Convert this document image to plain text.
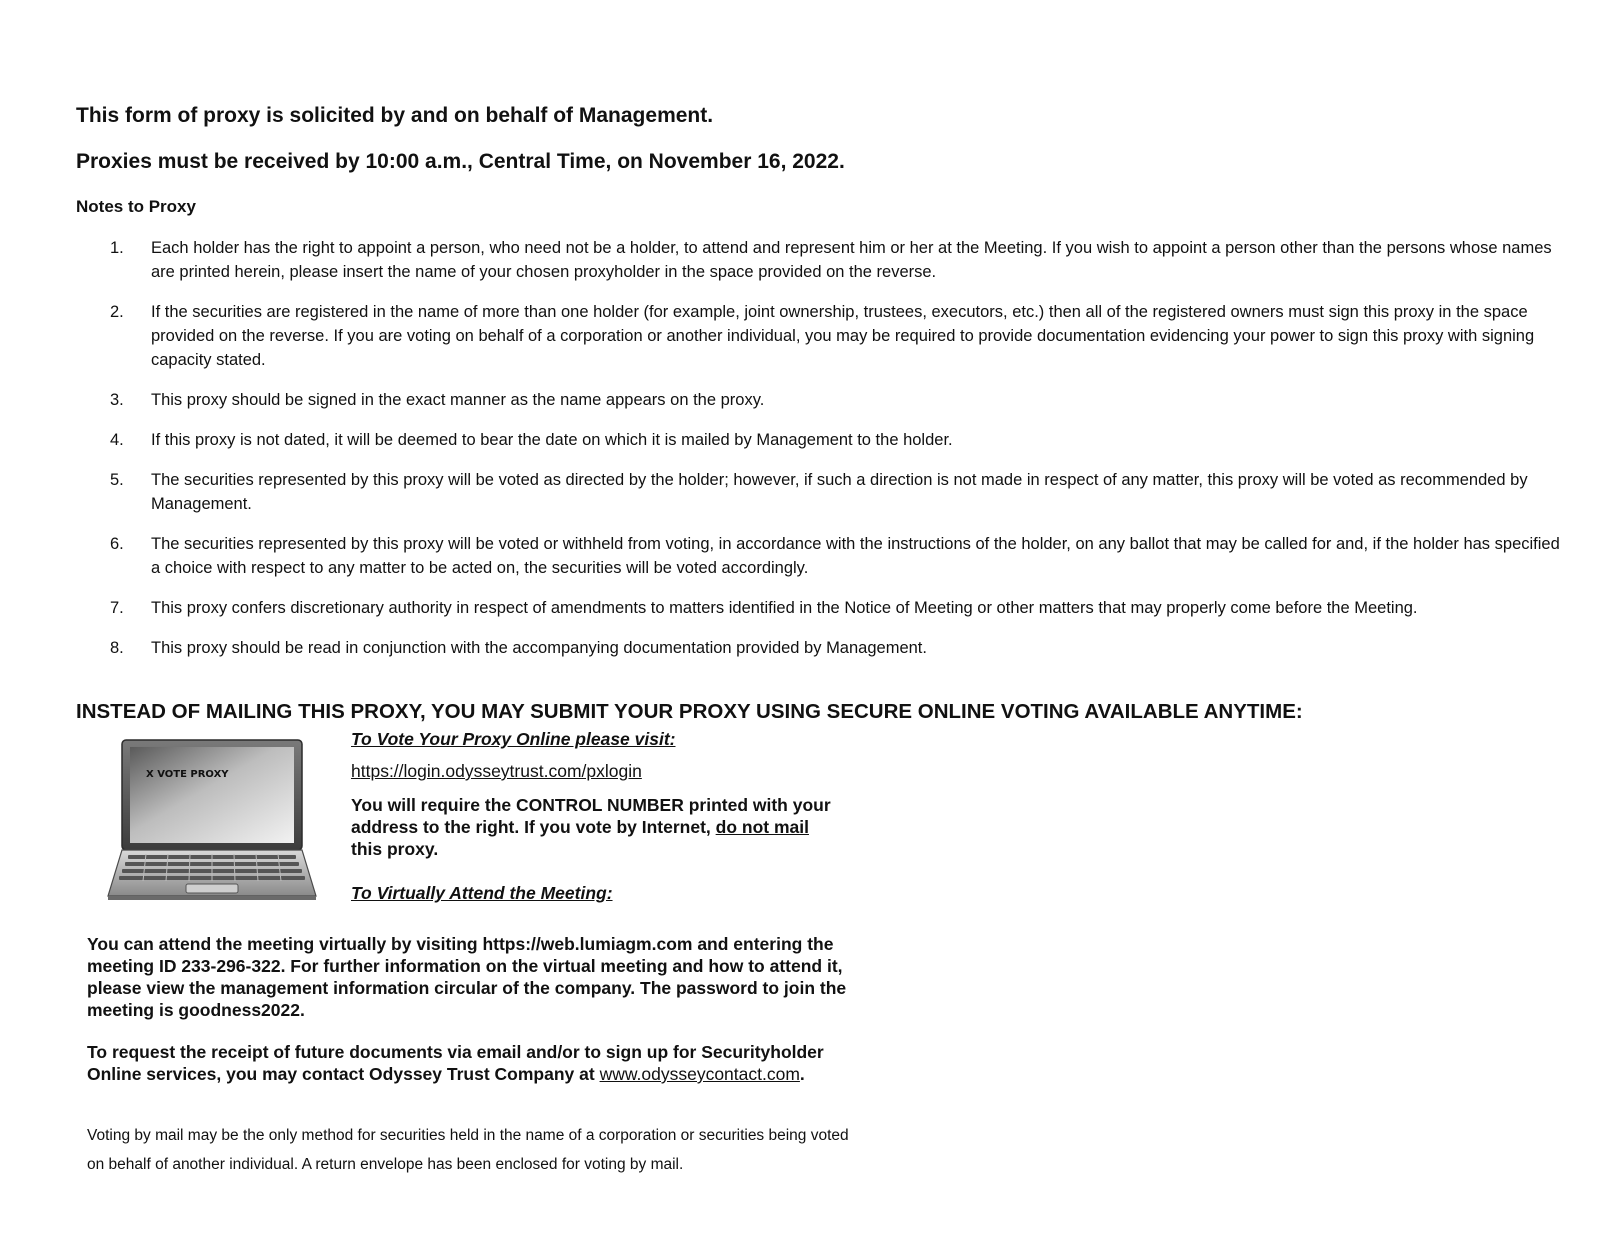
This form of proxy is solicited by and on behalf of Management.

Proxies must be received by 10:00 a.m., Central Time, on November 16, 2022.

Notes to Proxy

1.	Each holder has the right to appoint a person, who need not be a holder, to attend and represent him or her at the Meeting. If you wish to appoint a person other than the persons whose names are printed herein, please insert the name of your chosen proxyholder in the space provided on the reverse.
2.	If the securities are registered in the name of more than one holder (for example, joint ownership, trustees, executors, etc.) then all of the registered owners must sign this proxy in the space provided on the reverse. If you are voting on behalf of a corporation or another individual, you may be required to provide documentation evidencing your power to sign this proxy with signing capacity stated.
3.	This proxy should be signed in the exact manner as the name appears on the proxy.
4.	If this proxy is not dated, it will be deemed to bear the date on which it is mailed by Management to the holder.
5.	The securities represented by this proxy will be voted as directed by the holder; however, if such a direction is not made in respect of any matter, this proxy will be voted as recommended by Management.
6.	The securities represented by this proxy will be voted or withheld from voting, in accordance with the instructions of the holder, on any ballot that may be called for and, if the holder has specified a choice with respect to any matter to be acted on, the securities will be voted accordingly.
7.	This proxy confers discretionary authority in respect of amendments to matters identified in the Notice of Meeting or other matters that may properly come before the Meeting.
8.	This proxy should be read in conjunction with the accompanying documentation provided by Management.

INSTEAD OF MAILING THIS PROXY, YOU MAY SUBMIT YOUR PROXY USING SECURE ONLINE VOTING AVAILABLE ANYTIME:

X VOTE PROXY

To Vote Your Proxy Online please visit:

https://login.odysseytrust.com/pxlogin

You will require the CONTROL NUMBER printed with your address to the right. If you vote by Internet, do not mail this proxy.

To Virtually Attend the Meeting:

You can attend the meeting virtually by visiting https://web.lumiagm.com and entering the meeting ID 233-296-322. For further information on the virtual meeting and how to attend it, please view the management information circular of the company. The password to join the meeting is goodness2022.

To request the receipt of future documents via email and/or to sign up for Securityholder Online services, you may contact Odyssey Trust Company at www.odysseycontact.com.

Voting by mail may be the only method for securities held in the name of a corporation or securities being voted on behalf of another individual. A return envelope has been enclosed for voting by mail.
